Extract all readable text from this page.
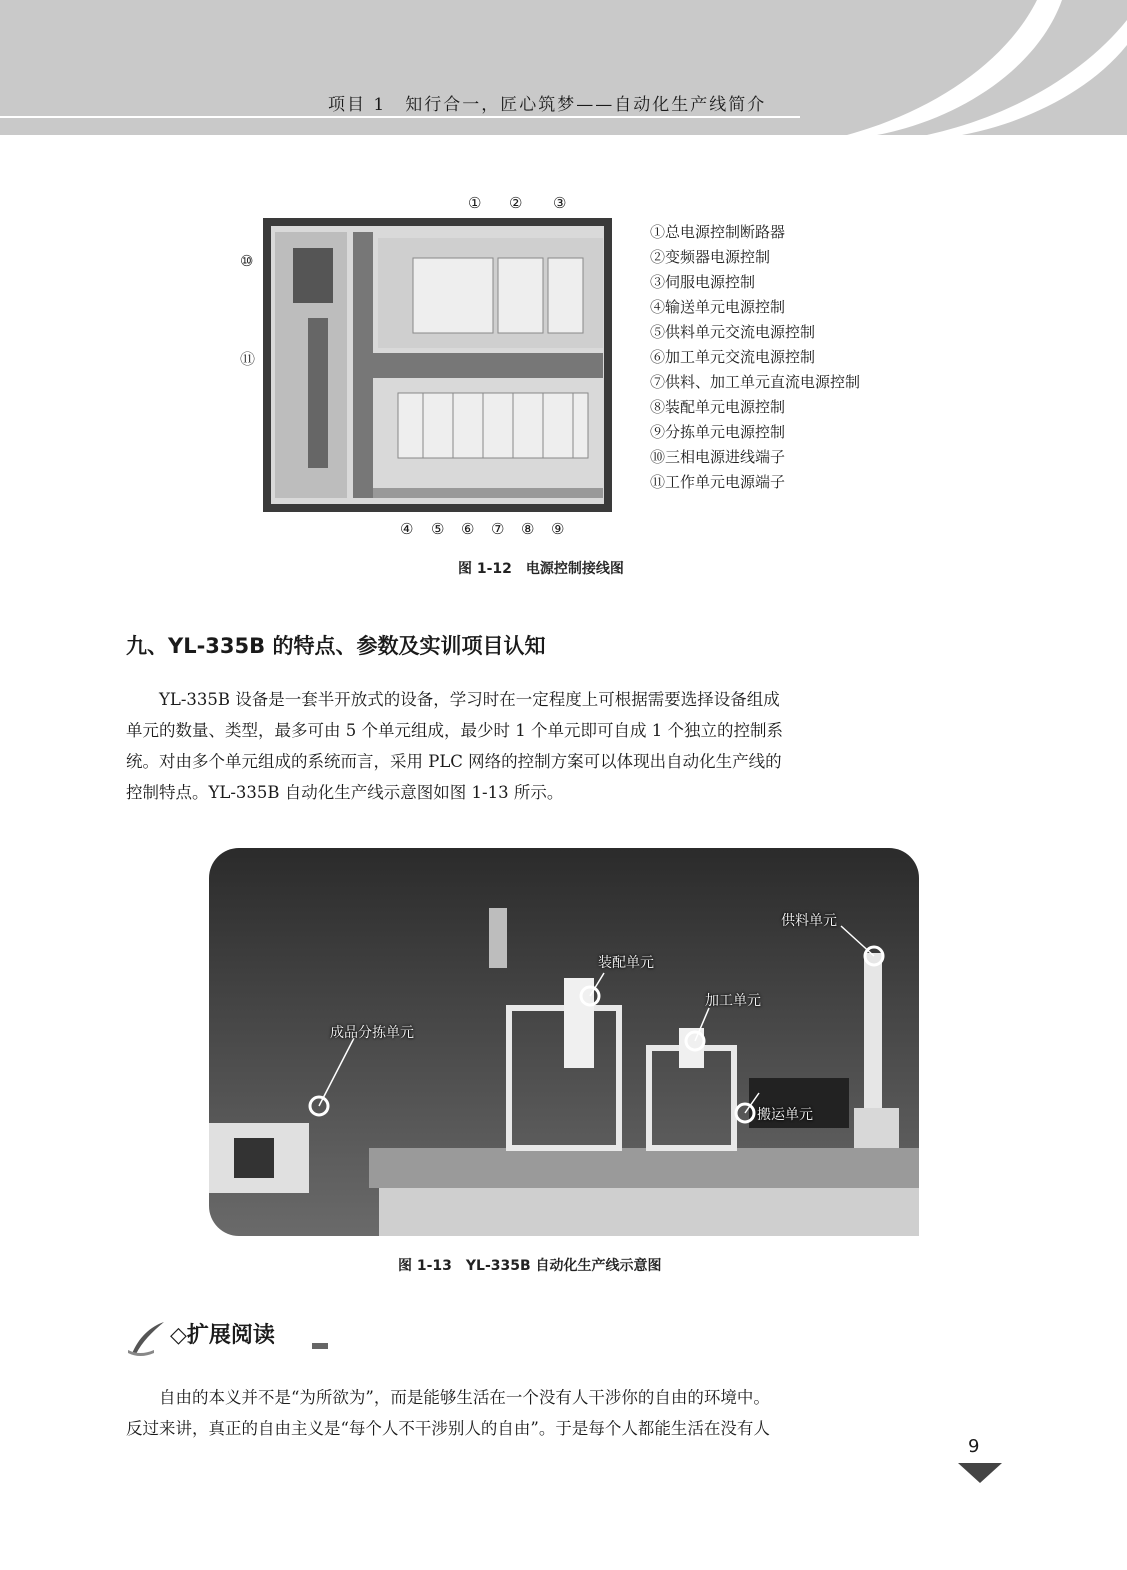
项目 1　知行合一，匠心筑梦——自动化生产线简介
① ② ③
⑩
⑪
④ ⑤ ⑥ ⑦ ⑧ ⑨
①总电源控制断路器
②变频器电源控制
③伺服电源控制
④输送单元电源控制
⑤供料单元交流电源控制
⑥加工单元交流电源控制
⑦供料、加工单元直流电源控制
⑧装配单元电源控制
⑨分拣单元电源控制
⑩三相电源进线端子
⑪工作单元电源端子
图 1-12　电源控制接线图
九、YL-335B 的特点、参数及实训项目认知
YL-335B 设备是一套半开放式的设备，学习时在一定程度上可根据需要选择设备组成
单元的数量、类型，最多可由 5 个单元组成，最少时 1 个单元即可自成 1 个独立的控制系
统。对由多个单元组成的系统而言，采用 PLC 网络的控制方案可以体现出自动化生产线的
控制特点。YL-335B 自动化生产线示意图如图 1-13 所示。
供料单元
装配单元
加工单元
成品分拣单元
搬运单元
图 1-13　YL-335B 自动化生产线示意图
◇扩展阅读
自由的本义并不是“为所欲为”，而是能够生活在一个没有人干涉你的自由的环境中。
反过来讲，真正的自由主义是“每个人不干涉别人的自由”。于是每个人都能生活在没有人
9
